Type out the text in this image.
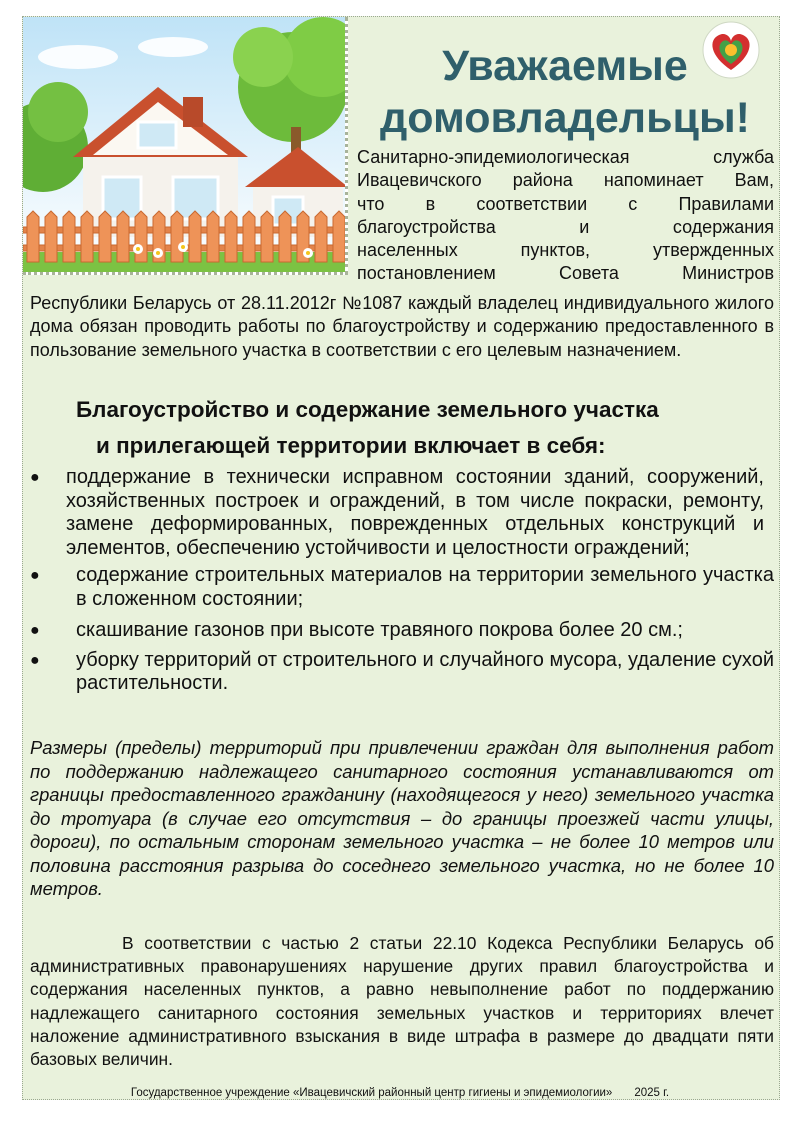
Уважаемые
домовладельцы!
Санитарно-эпидемиологическая служба
Ивацевичского района напоминает Вам,
что в соответствии с Правилами
благоустройства и содержания
населенных пунктов, утвержденных
постановлением Совета Министров
Республики Беларусь от 28.11.2012г №1087 каждый владелец индивидуального жилого дома обязан проводить работы по благоустройству и содержанию предоставленного в пользование земельного участка в соответствии с его целевым назначением.
Благоустройство и содержание земельного участка
и прилегающей территории включает в себя:
● поддержание в технически исправном состоянии зданий, сооружений, хозяйственных построек и ограждений, в том числе покраски, ремонту, замене деформированных, поврежденных отдельных конструкций и элементов, обеспечению устойчивости и целостности ограждений;
● содержание строительных материалов на территории земельного участка в сложенном состоянии;
● скашивание газонов при высоте травяного покрова более 20 см.;
● уборку территорий от строительного и случайного мусора, удаление сухой растительности.
Размеры (пределы) территорий при привлечении граждан для выполнения работ по поддержанию надлежащего санитарного состояния устанавливаются от границы предоставленного гражданину (находящегося у него) земельного участка до тротуара (в случае его отсутствия – до границы проезжей части улицы, дороги), по остальным сторонам земельного участка – не более 10 метров или половина расстояния разрыва до соседнего земельного участка, но не более 10 метров.
В соответствии с частью 2 статьи 22.10 Кодекса Республики Беларусь об административных правонарушениях нарушение других правил благоустройства и содержания населенных пунктов, а равно невыполнение работ по поддержанию надлежащего санитарного состояния земельных участков и территориях влечет наложение административного взыскания в виде штрафа в размере до двадцати пяти базовых величин.
Государственное учреждение «Ивацевичский районный центр гигиены и эпидемиологии» 2025 г.
